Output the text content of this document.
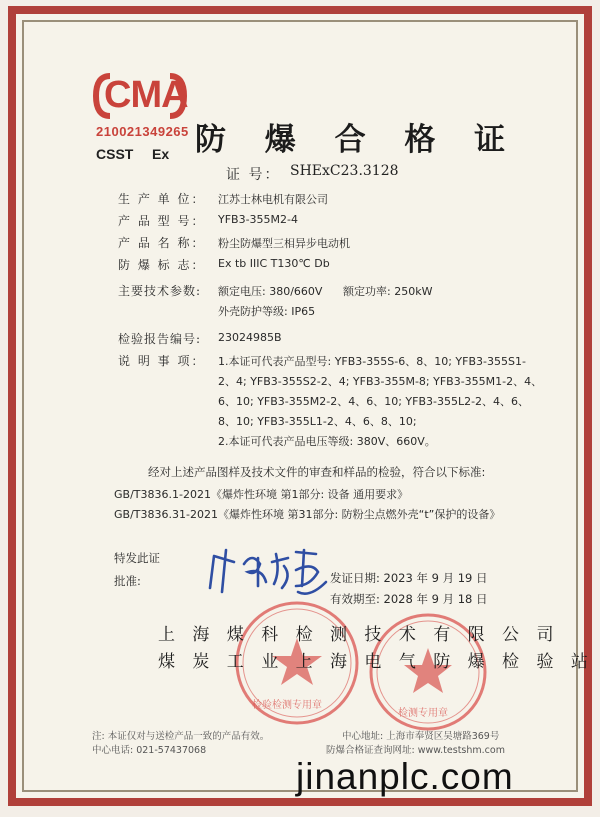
CMA
210021349265
CSST Ex 防 爆 合 格 证
证 号： SHExC23.3128
生 产 单 位： 江苏士林电机有限公司
产 品 型 号： YFB3-355M2-4
产 品 名 称： 粉尘防爆型三相异步电动机
防 爆 标 志： Ex tb IIIC T130℃ Db
主要技术参数: 额定电压: 380/660V 额定功率: 250kW
外壳防护等级: IP65
检验报告编号: 23024985B
说 明 事 项： 1.本证可代表产品型号: YFB3-355S-6、8、10; YFB3-355S1-
2、4; YFB3-355S2-2、4; YFB3-355M-8; YFB3-355M1-2、4、
6、10; YFB3-355M2-2、4、6、10; YFB3-355L2-2、4、6、
8、10; YFB3-355L1-2、4、6、8、10;
2.本证可代表产品电压等级: 380V、660V。
经对上述产品图样及技术文件的审查和样品的检验，符合以下标准:
GB/T3836.1-2021《爆炸性环境 第1部分: 设备 通用要求》
GB/T3836.31-2021《爆炸性环境 第31部分: 防粉尘点燃外壳“t”保护的设备》
特发此证
批准:	发证日期: 2023 年 9 月 19 日
有效期至: 2028 年 9 月 18 日
检验检测专用章
检测专用章
上 海 煤 科 检 测 技 术 有 限 公 司
煤 炭 工 业 上 海 电 气 防 爆 检 验 站
注: 本证仅对与送检产品一致的产品有效。
中心电话: 021-57437068
中心地址: 上海市奉贤区吴塘路369号
防爆合格证查询网址: www.testshm.com
jinanplc.com
